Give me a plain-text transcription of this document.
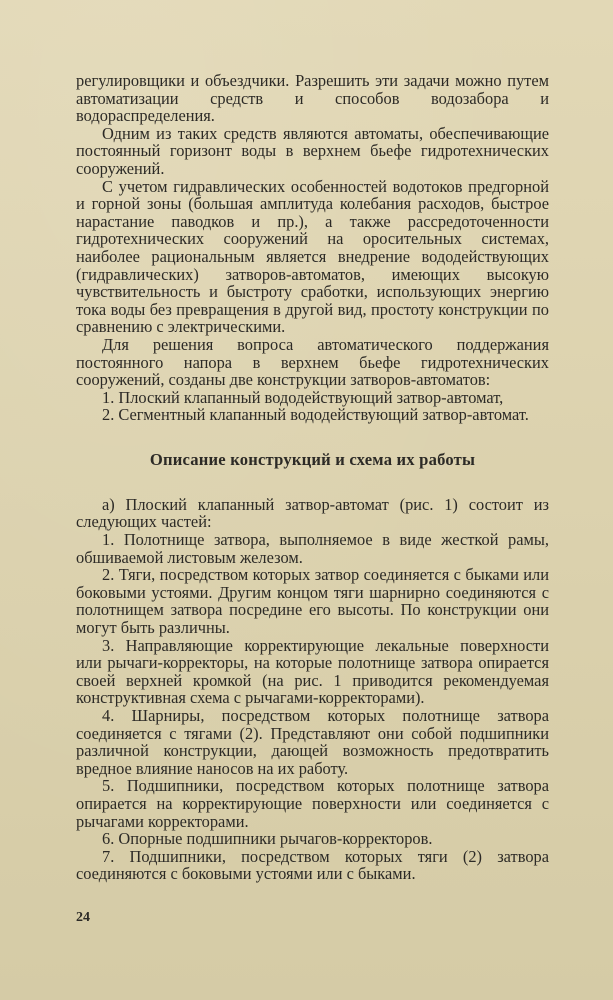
регулировщики и объездчики. Разрешить эти задачи можно путем автоматизации средств и способов водозабора и водораспределения.

Одним из таких средств являются автоматы, обеспечивающие постоянный горизонт воды в верхнем бьефе гидротехнических сооружений.

С учетом гидравлических особенностей водотоков предгорной и горной зоны (большая амплитуда колебания расходов, быстрое нарастание паводков и пр.), а также рассредоточенности гидротехнических сооружений на оросительных системах, наиболее рациональным является внедрение вододействующих (гидравлических) затворов-автоматов, имеющих высокую чувствительность и быстроту сработки, использующих энергию тока воды без превращения в другой вид, простоту конструкции по сравнению с электрическими.

Для решения вопроса автоматического поддержания постоянного напора в верхнем бьефе гидротехнических сооружений, созданы две конструкции затворов-автоматов:

1. Плоский клапанный вододействующий затвор-автомат,

2. Сегментный клапанный вододействующий затвор-автомат.

Описание конструкций и схема их работы

а) Плоский клапанный затвор-автомат (рис. 1) состоит из следующих частей:

1. Полотнище затвора, выполняемое в виде жесткой рамы, обшиваемой листовым железом.

2. Тяги, посредством которых затвор соединяется с быками или боковыми устоями. Другим концом тяги шарнирно соединяются с полотнищем затвора посредине его высоты. По конструкции они могут быть различны.

3. Направляющие корректирующие лекальные поверхности или рычаги-корректоры, на которые полотнище затвора опирается своей верхней кромкой (на рис. 1 приводится рекомендуемая конструктивная схема с рычагами-корректорами).

4. Шарниры, посредством которых полотнище затвора соединяется с тягами (2). Представляют они собой подшипники различной конструкции, дающей возможность предотвратить вредное влияние наносов на их работу.

5. Подшипники, посредством которых полотнище затвора опирается на корректирующие поверхности или соединяется с рычагами корректорами.

6. Опорные подшипники рычагов-корректоров.

7. Подшипники, посредством которых тяги (2) затвора соединяются с боковыми устоями или с быками.

24
